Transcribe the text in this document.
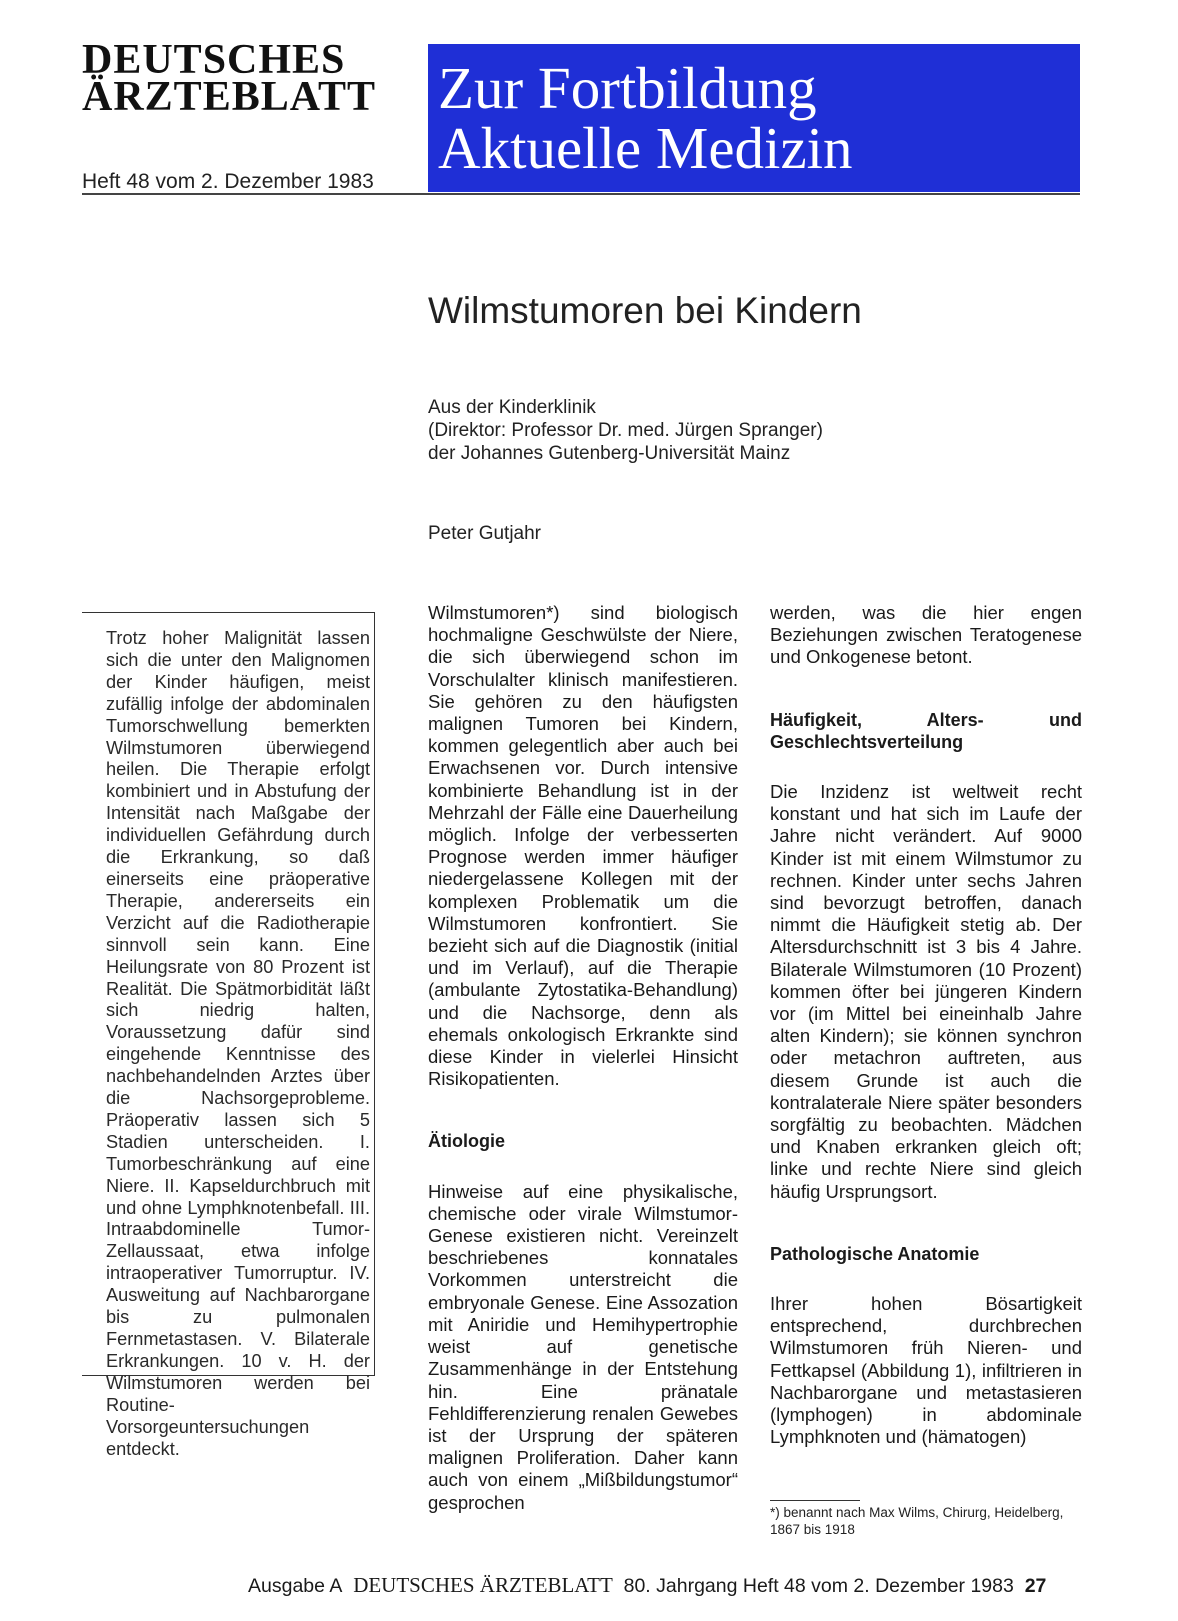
DEUTSCHES
ÄRZTEBLATT
Heft 48 vom 2. Dezember 1983
Zur Fortbildung
Aktuelle Medizin
Wilmstumoren bei Kindern
Aus der Kinderklinik
(Direktor: Professor Dr. med. Jürgen Spranger)
der Johannes Gutenberg-Universität Mainz
Peter Gutjahr

Trotz hoher Malignität lassen sich die unter den Malignomen der Kinder häufigen, meist zufällig infolge der abdominalen Tumorschwellung bemerkten Wilmstumoren überwiegend heilen. Die Therapie erfolgt kombiniert und in Abstufung der Intensität nach Maßgabe der individuellen Gefährdung durch die Erkrankung, so daß einerseits eine präoperative Therapie, andererseits ein Verzicht auf die Radiotherapie sinnvoll sein kann. Eine Heilungsrate von 80 Prozent ist Realität. Die Spätmorbidität läßt sich niedrig halten, Voraussetzung dafür sind eingehende Kenntnisse des nachbehandelnden Arztes über die Nachsorgeprobleme. Präoperativ lassen sich 5 Stadien unterscheiden. I. Tumorbeschränkung auf eine Niere. II. Kapseldurchbruch mit und ohne Lymphknotenbefall. III. Intraabdominelle Tumor-Zellaussaat, etwa infolge intraoperativer Tumorruptur. IV. Ausweitung auf Nachbarorgane bis zu pulmonalen Fernmetastasen. V. Bilaterale Erkrankungen. 10 v. H. der Wilmstumoren werden bei Routine-Vorsorgeuntersuchungen entdeckt.

Wilmstumoren*) sind biologisch hochmaligne Geschwülste der Niere, die sich überwiegend schon im Vorschulalter klinisch manifestieren. Sie gehören zu den häufigsten malignen Tumoren bei Kindern, kommen gelegentlich aber auch bei Erwachsenen vor. Durch intensive kombinierte Behandlung ist in der Mehrzahl der Fälle eine Dauerheilung möglich. Infolge der verbesserten Prognose werden immer häufiger niedergelassene Kollegen mit der komplexen Problematik um die Wilmstumoren konfrontiert. Sie bezieht sich auf die Diagnostik (initial und im Verlauf), auf die Therapie (ambulante Zytostatika-Behandlung) und die Nachsorge, denn als ehemals onkologisch Erkrankte sind diese Kinder in vielerlei Hinsicht Risikopatienten.

Ätiologie

Hinweise auf eine physikalische, chemische oder virale Wilmstumor-Genese existieren nicht. Vereinzelt beschriebenes konnatales Vorkommen unterstreicht die embryonale Genese. Eine Assozation mit Aniridie und Hemihypertrophie weist auf genetische Zusammenhänge in der Entstehung hin. Eine pränatale Fehldifferenzierung renalen Gewebes ist der Ursprung der späteren malignen Proliferation. Daher kann auch von einem „Mißbildungstumor“ gesprochen

werden, was die hier engen Beziehungen zwischen Teratogenese und Onkogenese betont.

Häufigkeit, Alters- und Geschlechtsverteilung

Die Inzidenz ist weltweit recht konstant und hat sich im Laufe der Jahre nicht verändert. Auf 9000 Kinder ist mit einem Wilmstumor zu rechnen. Kinder unter sechs Jahren sind bevorzugt betroffen, danach nimmt die Häufigkeit stetig ab. Der Altersdurchschnitt ist 3 bis 4 Jahre. Bilaterale Wilmstumoren (10 Prozent) kommen öfter bei jüngeren Kindern vor (im Mittel bei eineinhalb Jahre alten Kindern); sie können synchron oder metachron auftreten, aus diesem Grunde ist auch die kontralaterale Niere später besonders sorgfältig zu beobachten. Mädchen und Knaben erkranken gleich oft; linke und rechte Niere sind gleich häufig Ursprungsort.

Pathologische Anatomie

Ihrer hohen Bösartigkeit entsprechend, durchbrechen Wilmstumoren früh Nieren- und Fettkapsel (Abbildung 1), infiltrieren in Nachbarorgane und metastasieren (lymphogen) in abdominale Lymphknoten und (hämatogen)

*) benannt nach Max Wilms, Chirurg, Heidelberg, 1867 bis 1918
Ausgabe A DEUTSCHES ÄRZTEBLATT 80. Jahrgang Heft 48 vom 2. Dezember 1983 27
